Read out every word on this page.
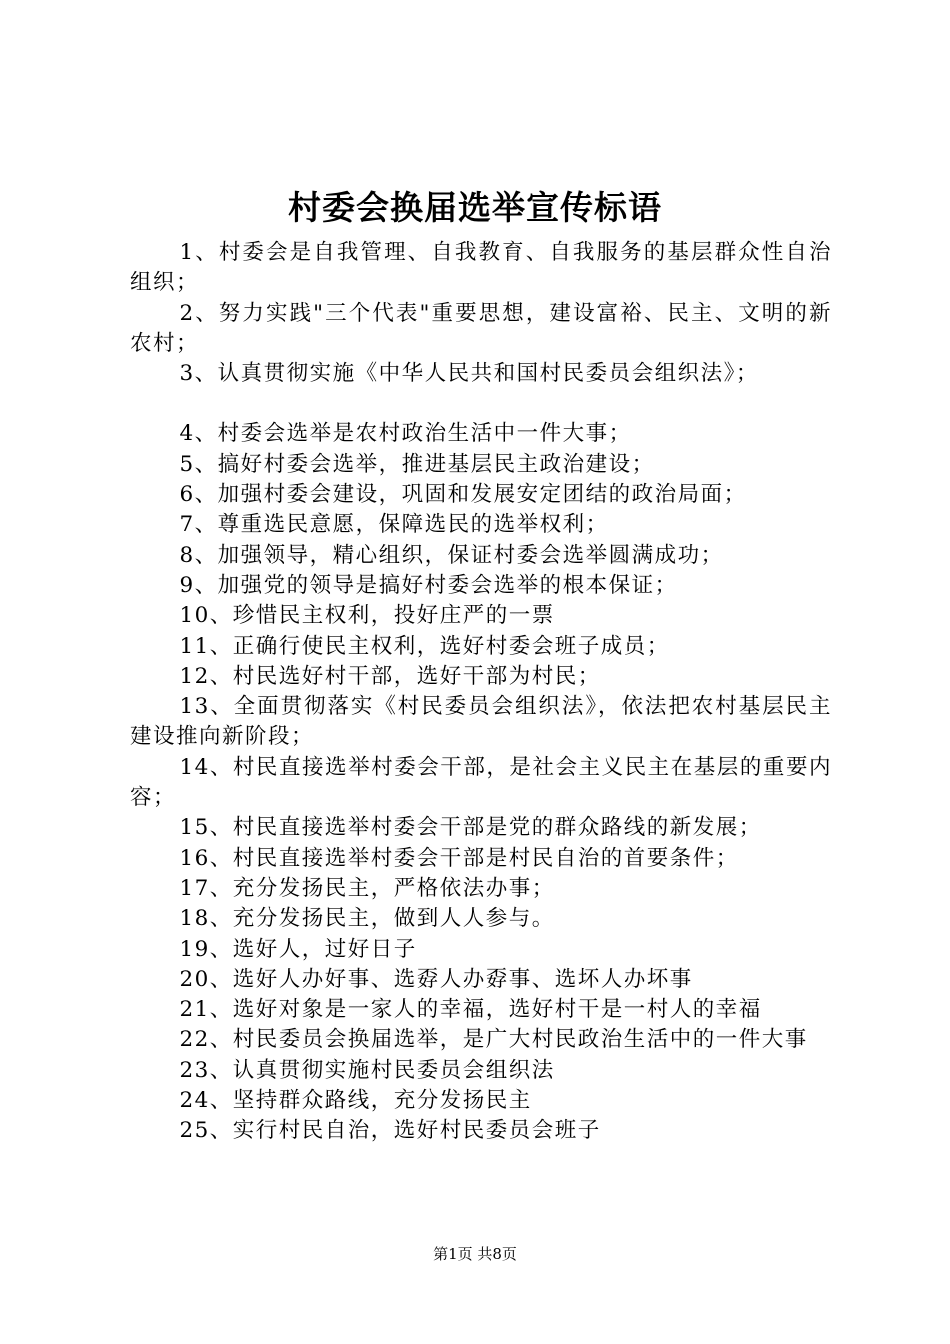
村委会换届选举宣传标语
1、村委会是自我管理、自我教育、自我服务的基层群众性自治组织；
2、努力实践"三个代表"重要思想，建设富裕、民主、文明的新农村；
3、认真贯彻实施《中华人民共和国村民委员会组织法》；
4、村委会选举是农村政治生活中一件大事；
5、搞好村委会选举，推进基层民主政治建设；
6、加强村委会建设，巩固和发展安定团结的政治局面；
7、尊重选民意愿，保障选民的选举权利；
8、加强领导，精心组织，保证村委会选举圆满成功；
9、加强党的领导是搞好村委会选举的根本保证；
10、珍惜民主权利，投好庄严的一票
11、正确行使民主权利，选好村委会班子成员；
12、村民选好村干部，选好干部为村民；
13、全面贯彻落实《村民委员会组织法》，依法把农村基层民主建设推向新阶段；
14、村民直接选举村委会干部，是社会主义民主在基层的重要内容；
15、村民直接选举村委会干部是党的群众路线的新发展；
16、村民直接选举村委会干部是村民自治的首要条件；
17、充分发扬民主，严格依法办事；
18、充分发扬民主，做到人人参与。
19、选好人，过好日子
20、选好人办好事、选孬人办孬事、选坏人办坏事
21、选好对象是一家人的幸福，选好村干是一村人的幸福
22、村民委员会换届选举，是广大村民政治生活中的一件大事
23、认真贯彻实施村民委员会组织法
24、坚持群众路线，充分发扬民主
25、实行村民自治，选好村民委员会班子
第1页 共8页
